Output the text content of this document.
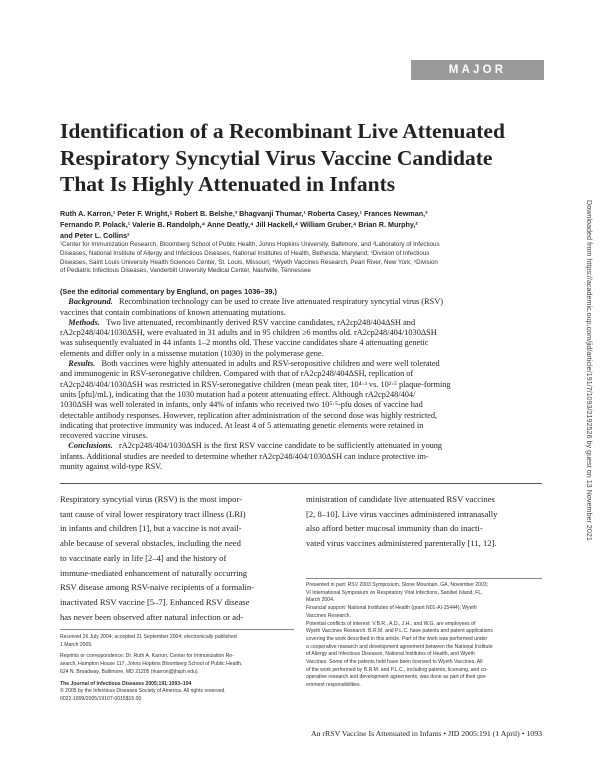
MAJOR ARTICLE
Identification of a Recombinant Live Attenuated
Respiratory Syncytial Virus Vaccine Candidate
That Is Highly Attenuated in Infants
Ruth A. Karron,¹ Peter F. Wright,⁵ Robert B. Belshe,³ Bhagvanji Thumar,¹ Roberta Casey,¹ Frances Newman,³
Fernando P. Polack,¹ Valerie B. Randolph,⁴ Anne Deatly,⁴ Jill Hackell,⁴ William Gruber,⁴ Brian R. Murphy,²
and Peter L. Collins²
¹Center for Immunization Research, Bloomberg School of Public Health, Johns Hopkins University, Baltimore, and ²Laboratory of Infectious
Diseases, National Institute of Allergy and Infectious Diseases, National Institutes of Health, Bethesda, Maryland; ³Division of Infectious
Diseases, Saint Louis University Health Sciences Center, St. Louis, Missouri; ⁴Wyeth Vaccines Research, Pearl River, New York; ⁵Division
of Pediatric Infectious Diseases, Vanderbilt University Medical Center, Nashville, Tennessee
(See the editorial commentary by Englund, on pages 1036–39.)
Background. Recombination technology can be used to create live attenuated respiratory syncytial virus (RSV)
vaccines that contain combinations of known attenuating mutations.
Methods. Two live attenuated, recombinantly derived RSV vaccine candidates, rA2cp248/404ΔSH and
rA2cp248/404/1030ΔSH, were evaluated in 31 adults and in 95 children ≥6 months old. rA2cp248/404/1030ΔSH
was subsequently evaluated in 44 infants 1–2 months old. These vaccine candidates share 4 attenuating genetic
elements and differ only in a missense mutation (1030) in the polymerase gene.
Results. Both vaccines were highly attenuated in adults and RSV-seropositive children and were well tolerated
and immunogenic in RSV-seronegative children. Compared with that of rA2cp248/404ΔSH, replication of
rA2cp248/404/1030ΔSH was restricted in RSV-seronegative children (mean peak titer, 10⁴·³ vs. 10²·⁵ plaque-forming
units [pfu]/mL), indicating that the 1030 mutation had a potent attenuating effect. Although rA2cp248/404/
1030ΔSH was well tolerated in infants, only 44% of infants who received two 10⁵·⁵-pfu doses of vaccine had
detectable antibody responses. However, replication after administration of the second dose was highly restricted,
indicating that protective immunity was induced. At least 4 of 5 attenuating genetic elements were retained in
recovered vaccine viruses.
Conclusions. rA2cp248/404/1030ΔSH is the first RSV vaccine candidate to be sufficiently attenuated in young
infants. Additional studies are needed to determine whether rA2cp248/404/1030ΔSH can induce protective im-
munity against wild-type RSV.
Respiratory syncytial virus (RSV) is the most impor-
tant cause of viral lower respiratory tract illness (LRI)
in infants and children [1], but a vaccine is not avail-
able because of several obstacles, including the need
to vaccinate early in life [2–4] and the history of
immune-mediated enhancement of naturally occurring
RSV disease among RSV-naive recipients of a formalin-
inactivated RSV vaccine [5–7]. Enhanced RSV disease
has never been observed after natural infection or ad-
ministration of candidate live attenuated RSV vaccines
[2, 8–10]. Live virus vaccines administered intranasally
also afford better mucosal immunity than do inacti-
vated virus vaccines administered parenterally [11, 12].
Received 26 July 2004; accepted 21 September 2004; electronically published
1 March 2005.
Reprints or correspondence: Dr. Ruth A. Karron, Center for Immunization Re-
search, Hampton House 117, Johns Hopkins Bloomberg School of Public Health,
624 N. Broadway, Baltimore, MD 21205 (rkarron@jhsph.edu).
The Journal of Infectious Diseases 2005;191:1093–104
© 2005 by the Infectious Diseases Society of America. All rights reserved.
0022-1899/2005/19107-0015$15.00
Presented in part: RSV 2003 Symposium, Stone Mountain, GA, November 2003;
VI International Symposium on Respiratory Viral Infections, Sanibel Island, FL,
March 2004.
Financial support: National Institutes of Health (grant N01-AI-15444); Wyeth
Vaccines Research.
Potential conflicts of interest: V.B.R., A.D., J.H., and W.G. are employees of
Wyeth Vaccines Research. B.R.M. and P.L.C. have patents and patent applications
covering the work described in this article. Part of the work was performed under
a cooperative research and development agreement between the National Institute
of Allergy and Infectious Diseases, National Institutes of Health, and Wyeth
Vaccines. Some of the patents held have been licensed to Wyeth Vaccines. All
of the work performed by B.R.M. and P.L.C., including patents, licensing, and co-
operative research and development agreements, was done as part of their gov-
ernment responsibilities.
An rRSV Vaccine Is Attenuated in Infants • JID 2005:191 (1 April) • 1093
Downloaded from https://academic.oup.com/jid/article/191/7/1093/2192526 by guest on 13 November 2021
